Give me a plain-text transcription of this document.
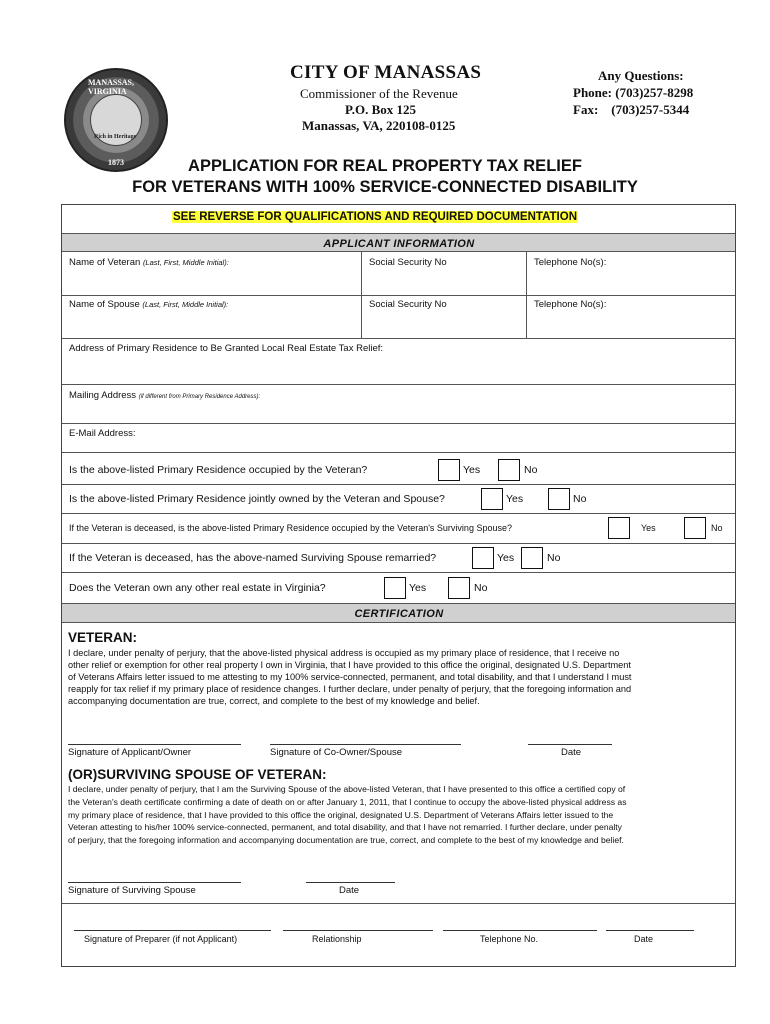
MANASSAS, VIRGINIA
Rich in Heritage
1873
CITY OF MANASSAS
Commissioner of the Revenue
P.O. Box 125
Manassas, VA, 220108-0125
Any Questions:
Phone: (703)257-8298
Fax:    (703)257-5344
APPLICATION FOR REAL PROPERTY TAX RELIEF
FOR VETERANS WITH 100% SERVICE-CONNECTED DISABILITY
SEE REVERSE FOR QUALIFICATIONS AND REQUIRED DOCUMENTATION
APPLICANT INFORMATION
Name of Veteran (Last, First, Middle Initial):	Social Security No	Telephone No(s):
Name of Spouse (Last, First, Middle Initial):	Social Security No	Telephone No(s):
Address of Primary Residence to Be Granted Local Real Estate Tax Relief:
Mailing Address (if different from Primary Residence Address):
E-Mail Address:
Is the above-listed Primary Residence occupied by the Veteran?	Yes	No
Is the above-listed Primary Residence jointly owned by the Veteran and Spouse?	Yes	No
If the Veteran is deceased, is the above-listed Primary Residence occupied by the Veteran's Surviving Spouse?	Yes	No
If the Veteran is deceased, has the above-named Surviving Spouse remarried?	Yes	No
Does the Veteran own any other real estate in Virginia?	Yes	No
CERTIFICATION
VETERAN:
I declare, under penalty of perjury, that the above-listed physical address is occupied as my primary place of residence, that I receive no
other relief or exemption for other real property I own in Virginia, that I have provided to this office the original, designated U.S. Department
of Veterans Affairs letter issued to me attesting to my 100% service-connected, permanent, and total disability, and that I understand I must
reapply for tax relief if my primary place of residence changes. I further declare, under penalty of perjury, that the foregoing information and
accompanying documentation are true, correct, and complete to the best of my knowledge and belief.
Signature of Applicant/Owner	Signature of Co-Owner/Spouse	Date
(OR)SURVIVING SPOUSE OF VETERAN:
I declare, under penalty of perjury, that I am the Surviving Spouse of the above-listed Veteran, that I have presented to this office a certified copy of
the Veteran's death certificate confirming a date of death on or after January 1, 2011, that I continue to occupy the above-listed physical address as
my primary place of residence, that I have provided to this office the original, designated U.S. Department of Veterans Affairs letter issued to the
Veteran attesting to his/her 100% service-connected, permanent, and total disability, and that I have not remarried. I further declare, under penalty
of perjury, that the foregoing information and accompanying documentation are true, correct, and complete to the best of my knowledge and belief.
Signature of Surviving Spouse	Date
Signature of Preparer (if not Applicant)	Relationship	Telephone No.	Date
